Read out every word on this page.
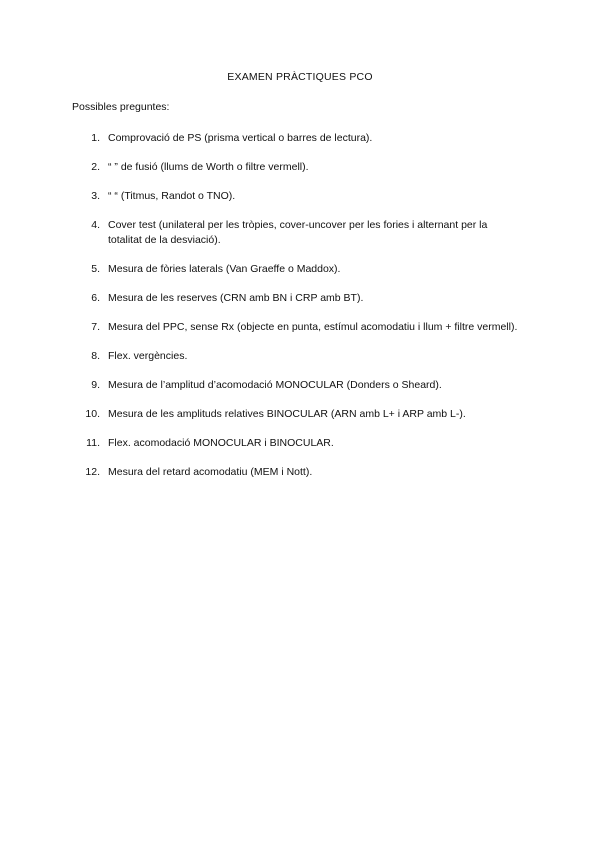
EXAMEN PRÀCTIQUES PCO
Possibles preguntes:
1. Comprovació de PS (prisma vertical o barres de lectura).
2. “ ” de fusió (llums de Worth o filtre vermell).
3. “ “ (Titmus, Randot o TNO).
4. Cover test (unilateral per les tròpies, cover-uncover per les fories i alternant per la totalitat de la desviació).
5. Mesura de fòries laterals (Van Graeffe o Maddox).
6. Mesura de les reserves (CRN amb BN i CRP amb BT).
7. Mesura del PPC, sense Rx (objecte en punta, estímul acomodatiu i llum + filtre vermell).
8. Flex. vergències.
9. Mesura de l’amplitud d’acomodació MONOCULAR (Donders o Sheard).
10. Mesura de les amplituds relatives BINOCULAR (ARN amb L+ i ARP amb L-).
11. Flex. acomodació MONOCULAR i BINOCULAR.
12. Mesura del retard acomodatiu (MEM i Nott).
